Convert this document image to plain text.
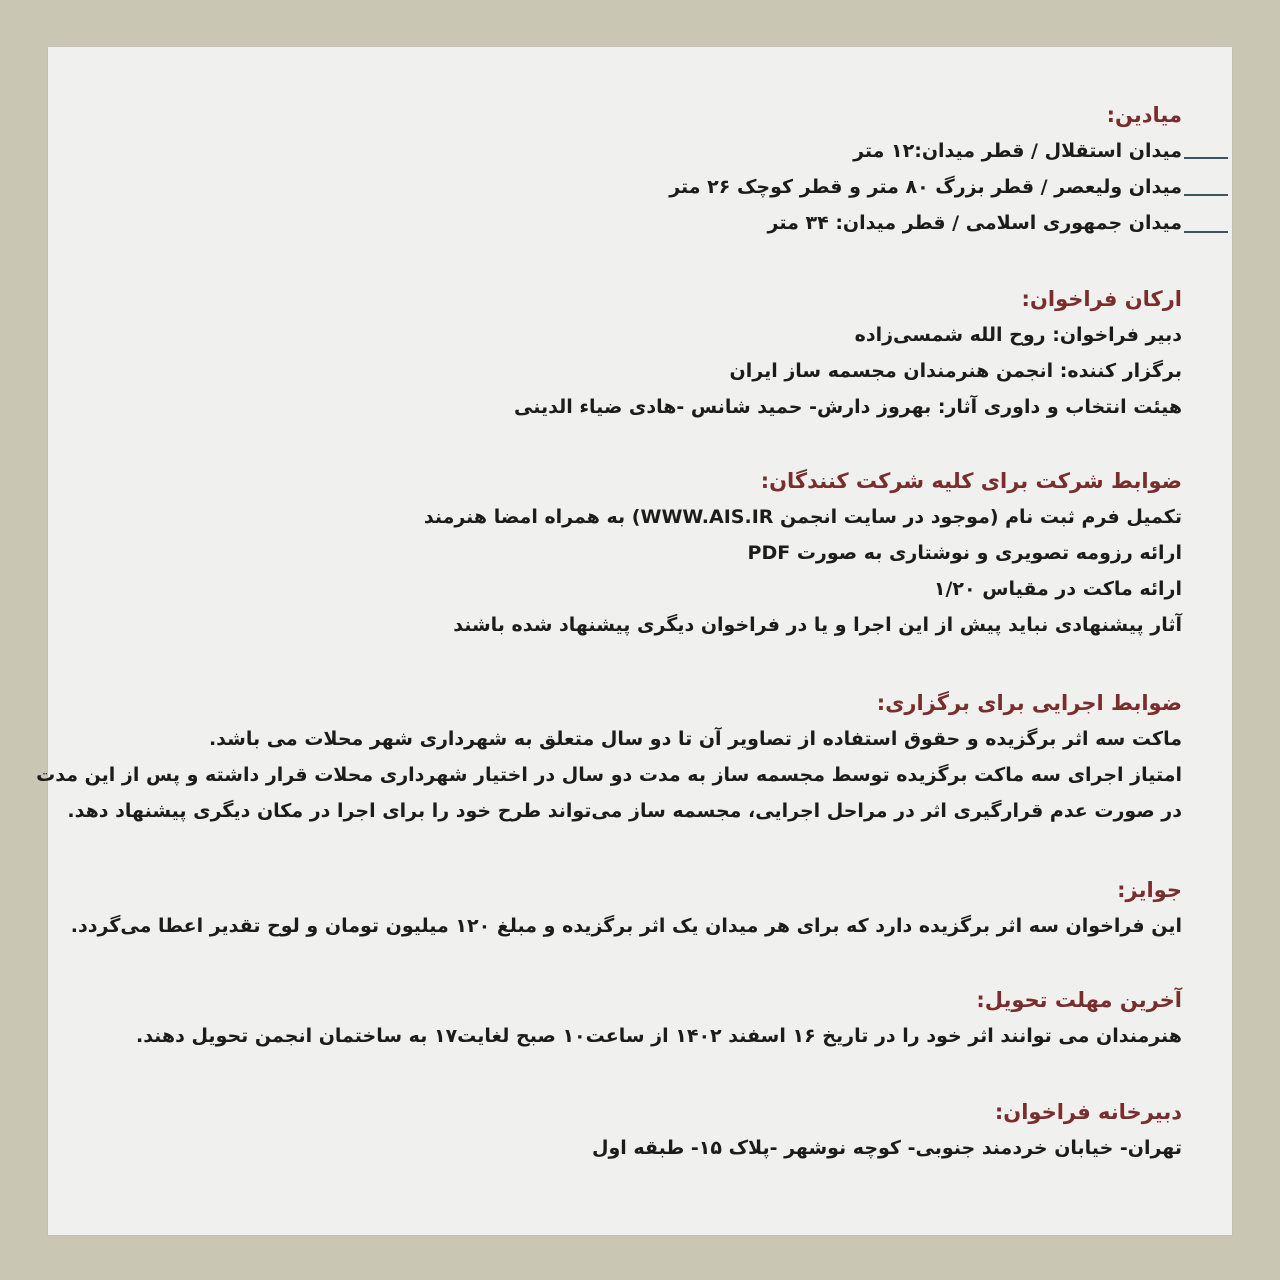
میادین:
میدان استقلال / قطر میدان:۱۲ متر
میدان ولیعصر / قطر بزرگ ۸۰ متر و قطر کوچک ۲۶ متر
میدان جمهوری اسلامی / قطر میدان: ۳۴ متر
ارکان فراخوان:
دبیر فراخوان: روح الله شمسی‌زاده
برگزار کننده: انجمن هنرمندان مجسمه ساز ایران
هیئت انتخاب و داوری آثار: بهروز دارش- حمید شانس -هادی ضیاء الدینی
ضوابط شرکت برای کلیه شرکت کنندگان:
تکمیل فرم ثبت نام (موجود در سایت انجمن WWW.AIS.IR) به همراه امضا هنرمند
ارائه رزومه تصویری و نوشتاری به صورت PDF
ارائه ماکت در مقیاس ۱/۲۰
آثار پیشنهادی نباید پیش از این اجرا و یا در فراخوان دیگری پیشنهاد شده باشند
ضوابط اجرایی برای برگزاری:
ماکت سه اثر برگزیده و حقوق استفاده از تصاویر آن تا دو سال متعلق به شهرداری شهر محلات می باشد.
امتیاز اجرای سه ماکت برگزیده توسط مجسمه ساز به مدت دو سال در اختیار شهرداری محلات قرار داشته و پس از این مدت
در صورت عدم قرارگیری اثر در مراحل اجرایی، مجسمه ساز می‌تواند طرح خود را برای اجرا در مکان دیگری پیشنهاد دهد.
جوایز:
این فراخوان سه اثر برگزیده دارد که برای هر میدان یک اثر برگزیده و مبلغ ۱۲۰ میلیون تومان و لوح تقدیر اعطا می‌گردد.
آخرین مهلت تحویل:
هنرمندان می توانند اثر خود را در تاریخ ۱۶ اسفند ۱۴۰۲ از ساعت۱۰ صبح لغایت۱۷ به ساختمان انجمن تحویل دهند.
دبیرخانه فراخوان:
تهران- خیابان خردمند جنوبی- کوچه نوشهر -پلاک ۱۵- طبقه اول
